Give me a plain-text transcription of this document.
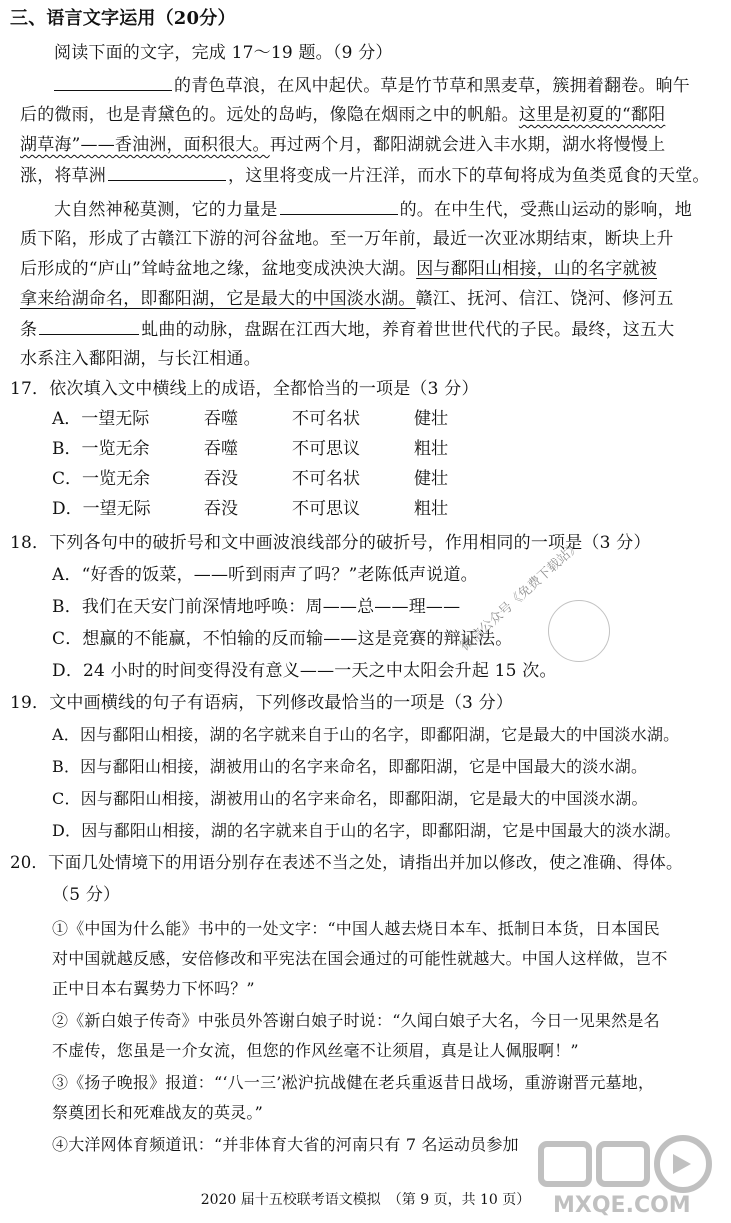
三、语言文字运用（20分）
阅读下面的文字，完成 17～19 题。（9 分）
的青色草浪，在风中起伏。草是竹节草和黑麦草，簇拥着翻卷。晌午
后的微雨，也是青黛色的。远处的岛屿，像隐在烟雨之中的帆船。这里是初夏的“鄱阳
湖草海”——香油洲，面积很大。再过两个月，鄱阳湖就会进入丰水期，湖水将慢慢上
涨，将草洲	，这里将变成一片汪洋，而水下的草甸将成为鱼类觅食的天堂。
大自然神秘莫测，它的力量是	的。在中生代，受燕山运动的影响，地
质下陷，形成了古赣江下游的河谷盆地。至一万年前，最近一次亚冰期结束，断块上升
后形成的“庐山”耸峙盆地之缘，盆地变成泱泱大湖。因与鄱阳山相接，山的名字就被
拿来给湖命名，即鄱阳湖，它是最大的中国淡水湖。赣江、抚河、信江、饶河、修河五
条	虬曲的动脉，盘踞在江西大地，养育着世世代代的子民。最终，这五大
水系注入鄱阳湖，与长江相通。
17．依次填入文中横线上的成语，全都恰当的一项是（3 分）
A．一望无际	吞噬	不可名状	健壮
B．一览无余	吞噬	不可思议	粗壮
C．一览无余	吞没	不可名状	健壮
D．一望无际	吞没	不可思议	粗壮
18．下列各句中的破折号和文中画波浪线部分的破折号，作用相同的一项是（3 分）
A．“好香的饭菜，——听到雨声了吗？”老陈低声说道。
B．我们在天安门前深情地呼唤：周——总——理——
C．想赢的不能赢，不怕输的反而输——这是竞赛的辩证法。
D．24 小时的时间变得没有意义——一天之中太阳会升起 15 次。
19．文中画横线的句子有语病，下列修改最恰当的一项是（3 分）
A．因与鄱阳山相接，湖的名字就来自于山的名字，即鄱阳湖，它是最大的中国淡水湖。
B．因与鄱阳山相接，湖被用山的名字来命名，即鄱阳湖，它是中国最大的淡水湖。
C．因与鄱阳山相接，湖被用山的名字来命名，即鄱阳湖，它是最大的中国淡水湖。
D．因与鄱阳山相接，湖的名字就来自于山的名字，即鄱阳湖，它是中国最大的淡水湖。
20．下面几处情境下的用语分别存在表述不当之处，请指出并加以修改，使之准确、得体。
（5 分）
①《中国为什么能》书中的一处文字：“中国人越去烧日本车、抵制日本货，日本国民
对中国就越反感，安倍修改和平宪法在国会通过的可能性就越大。中国人这样做，岂不
正中日本右翼势力下怀吗？”
②《新白娘子传奇》中张员外答谢白娘子时说：“久闻白娘子大名，今日一见果然是名
不虚传，您虽是一介女流，但您的作风丝毫不让须眉，真是让人佩服啊！”
③《扬子晚报》报道：“‘八一三’淞沪抗战健在老兵重返昔日战场，重游谢晋元墓地，
祭奠团长和死难战友的英灵。”
④大洋网体育频道讯：“并非体育大省的河南只有 7 名运动员参加
2020 届十五校联考语文模拟　（第 9 页，共 10 页）
微信公众号《免费下载站》
MXQE.COM
